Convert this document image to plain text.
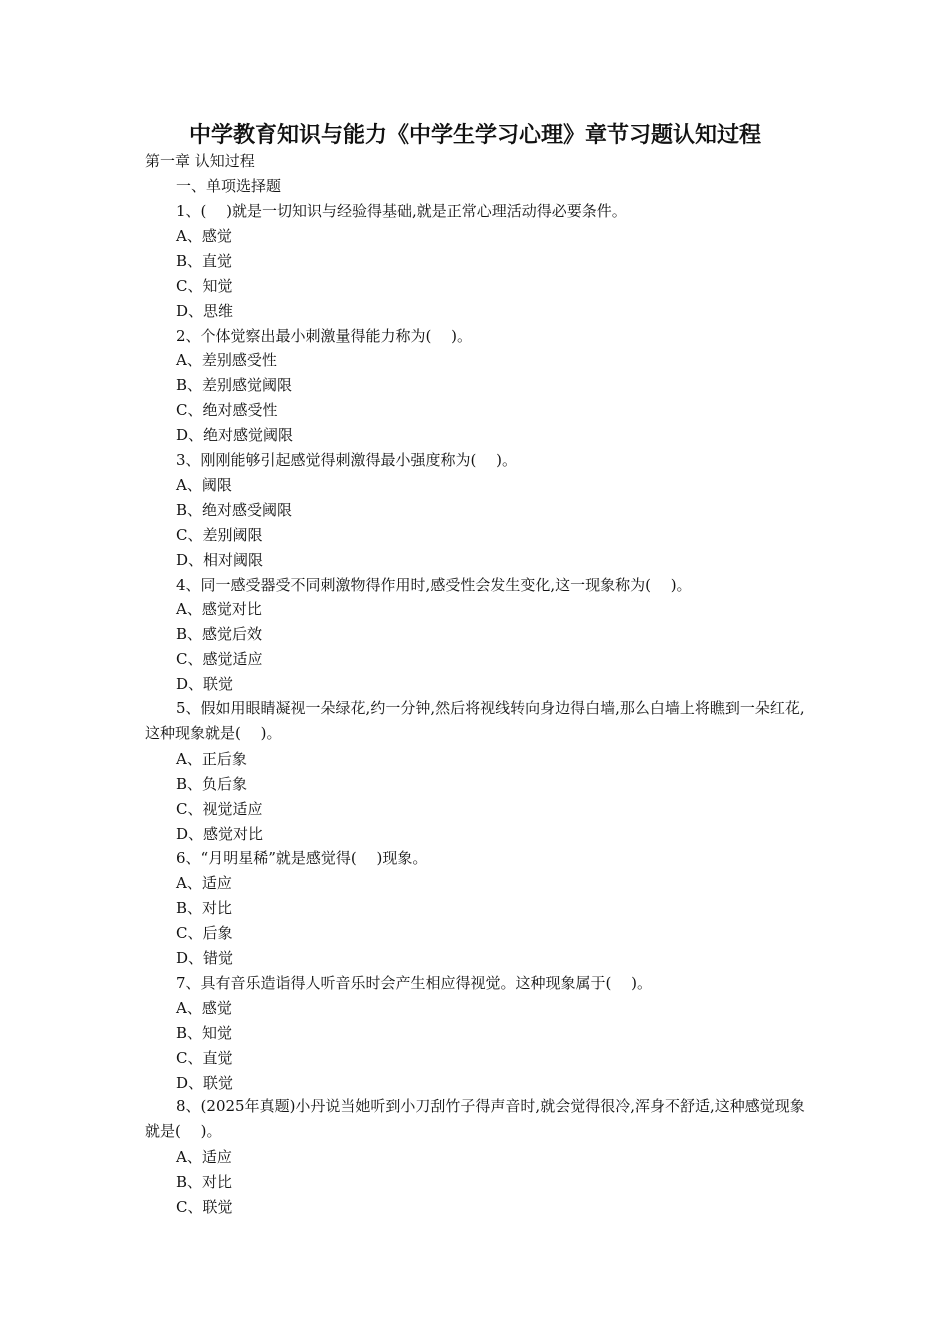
中学教育知识与能力《中学生学习心理》章节习题认知过程
第一章 认知过程
一、单项选择题
1、(　 )就是一切知识与经验得基础,就是正常心理活动得必要条件。
A、感觉
B、直觉
C、知觉
D、思维
2、个体觉察出最小刺激量得能力称为(　 )。
A、差别感受性
B、差别感觉阈限
C、绝对感受性
D、绝对感觉阈限
3、刚刚能够引起感觉得刺激得最小强度称为(　 )。
A、阈限
B、绝对感受阈限
C、差别阈限
D、相对阈限
4、同一感受器受不同刺激物得作用时,感受性会发生变化,这一现象称为(　 )。
A、感觉对比
B、感觉后效
C、感觉适应
D、联觉
5、假如用眼睛凝视一朵绿花,约一分钟,然后将视线转向身边得白墙,那么白墙上将瞧到一朵红花,这种现象就是(　 )。
A、正后象
B、负后象
C、视觉适应
D、感觉对比
6、“月明星稀”就是感觉得(　 )现象。
A、适应
B、对比
C、后象
D、错觉
7、具有音乐造诣得人听音乐时会产生相应得视觉。这种现象属于(　 )。
A、感觉
B、知觉
C、直觉
D、联觉
8、(2025年真题)小丹说当她听到小刀刮竹子得声音时,就会觉得很冷,浑身不舒适,这种感觉现象就是(　 )。
A、适应
B、对比
C、联觉
